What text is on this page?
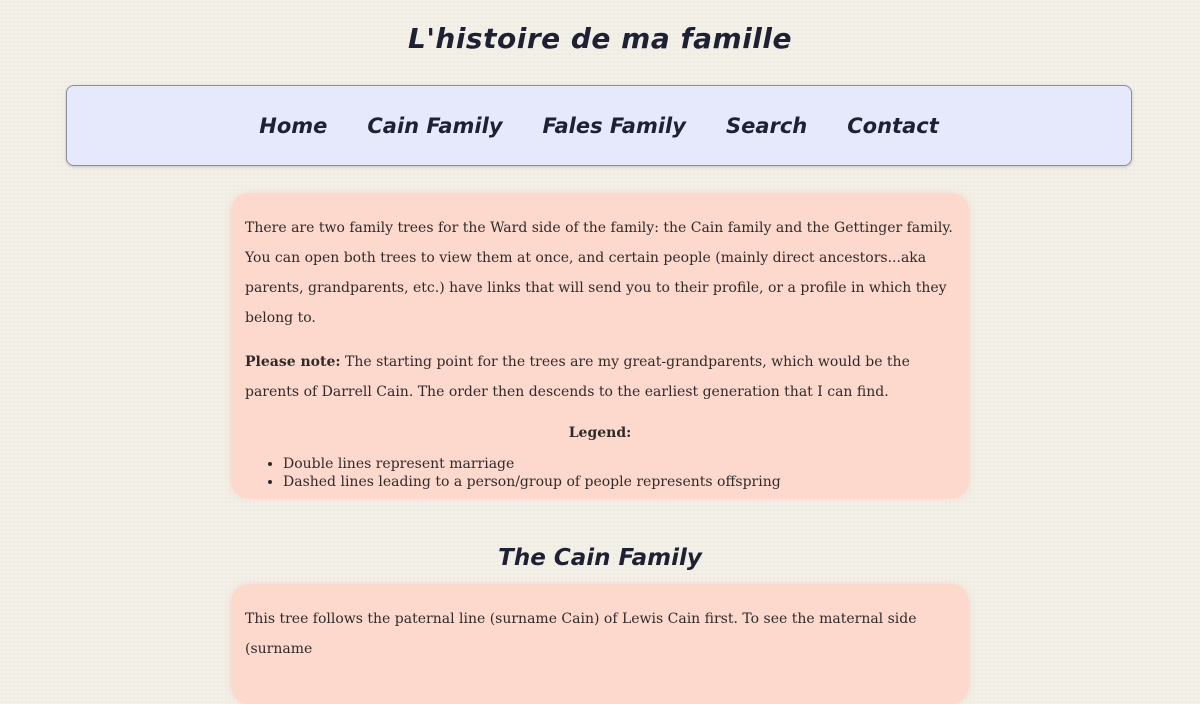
L'histoire de ma famille
Home Cain Family Fales Family Search Contact

There are two family trees for the Ward side of the family: the Cain family and the Gettinger family. You can open both trees to view them at once, and certain people (mainly direct ancestors...aka parents, grandparents, etc.) have links that will send you to their profile, or a profile in which they belong to.

Please note: The starting point for the trees are my great-grandparents, which would be the parents of Darrell Cain. The order then descends to the earliest generation that I can find.

Legend:
• Double lines represent marriage
• Dashed lines leading to a person/group of people represents offspring
The Cain Family

This tree follows the paternal line (surname Cain) of Lewis Cain first. To see the maternal side (surname
